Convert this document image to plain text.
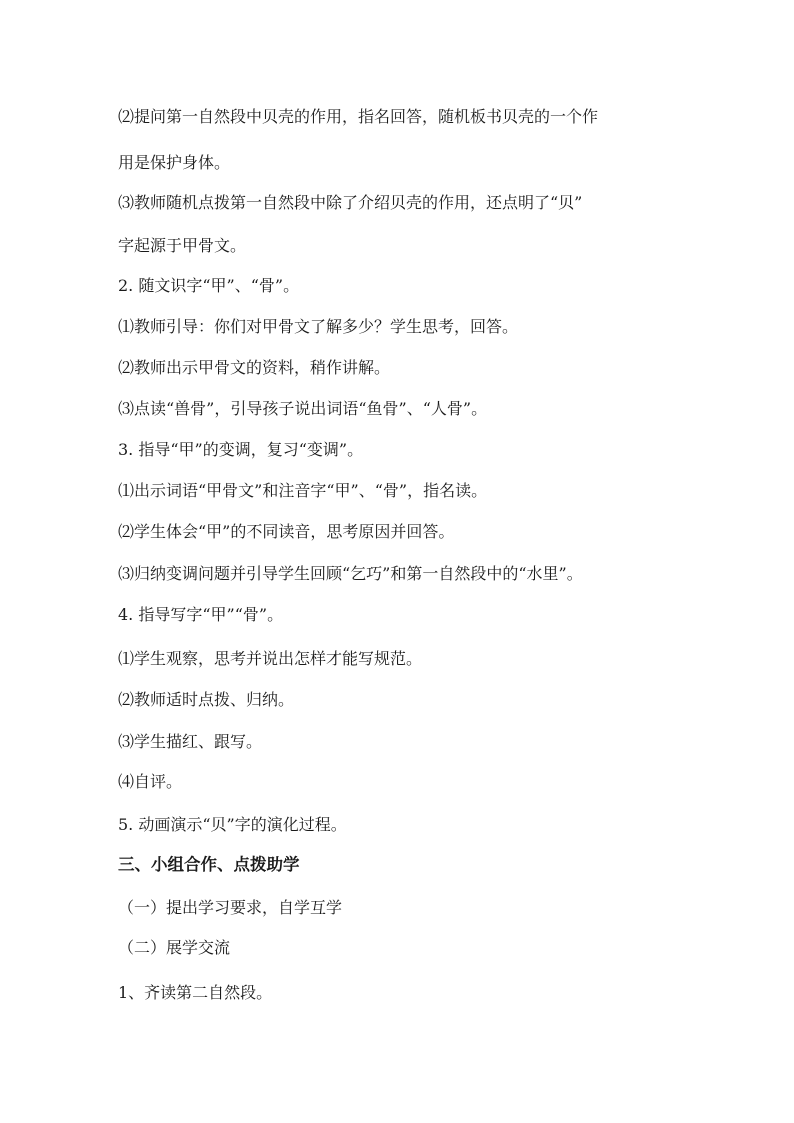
⑵提问第一自然段中贝壳的作用，指名回答，随机板书贝壳的一个作
用是保护身体。
⑶教师随机点拨第一自然段中除了介绍贝壳的作用，还点明了“贝”
字起源于甲骨文。
2. 随文识字“甲”、“骨”。
⑴教师引导：你们对甲骨文了解多少？学生思考，回答。
⑵教师出示甲骨文的资料，稍作讲解。
⑶点读“兽骨”，引导孩子说出词语“鱼骨”、“人骨”。
3. 指导“甲”的变调，复习“变调”。
⑴出示词语“甲骨文”和注音字“甲”、“骨”，指名读。
⑵学生体会“甲”的不同读音，思考原因并回答。
⑶归纳变调问题并引导学生回顾“乞巧”和第一自然段中的“水里”。
4. 指导写字“甲”“骨”。
⑴学生观察，思考并说出怎样才能写规范。
⑵教师适时点拨、归纳。
⑶学生描红、跟写。
⑷自评。
5. 动画演示“贝”字的演化过程。
三、小组合作、点拨助学
（一）提出学习要求，自学互学
（二）展学交流
1、齐读第二自然段。
